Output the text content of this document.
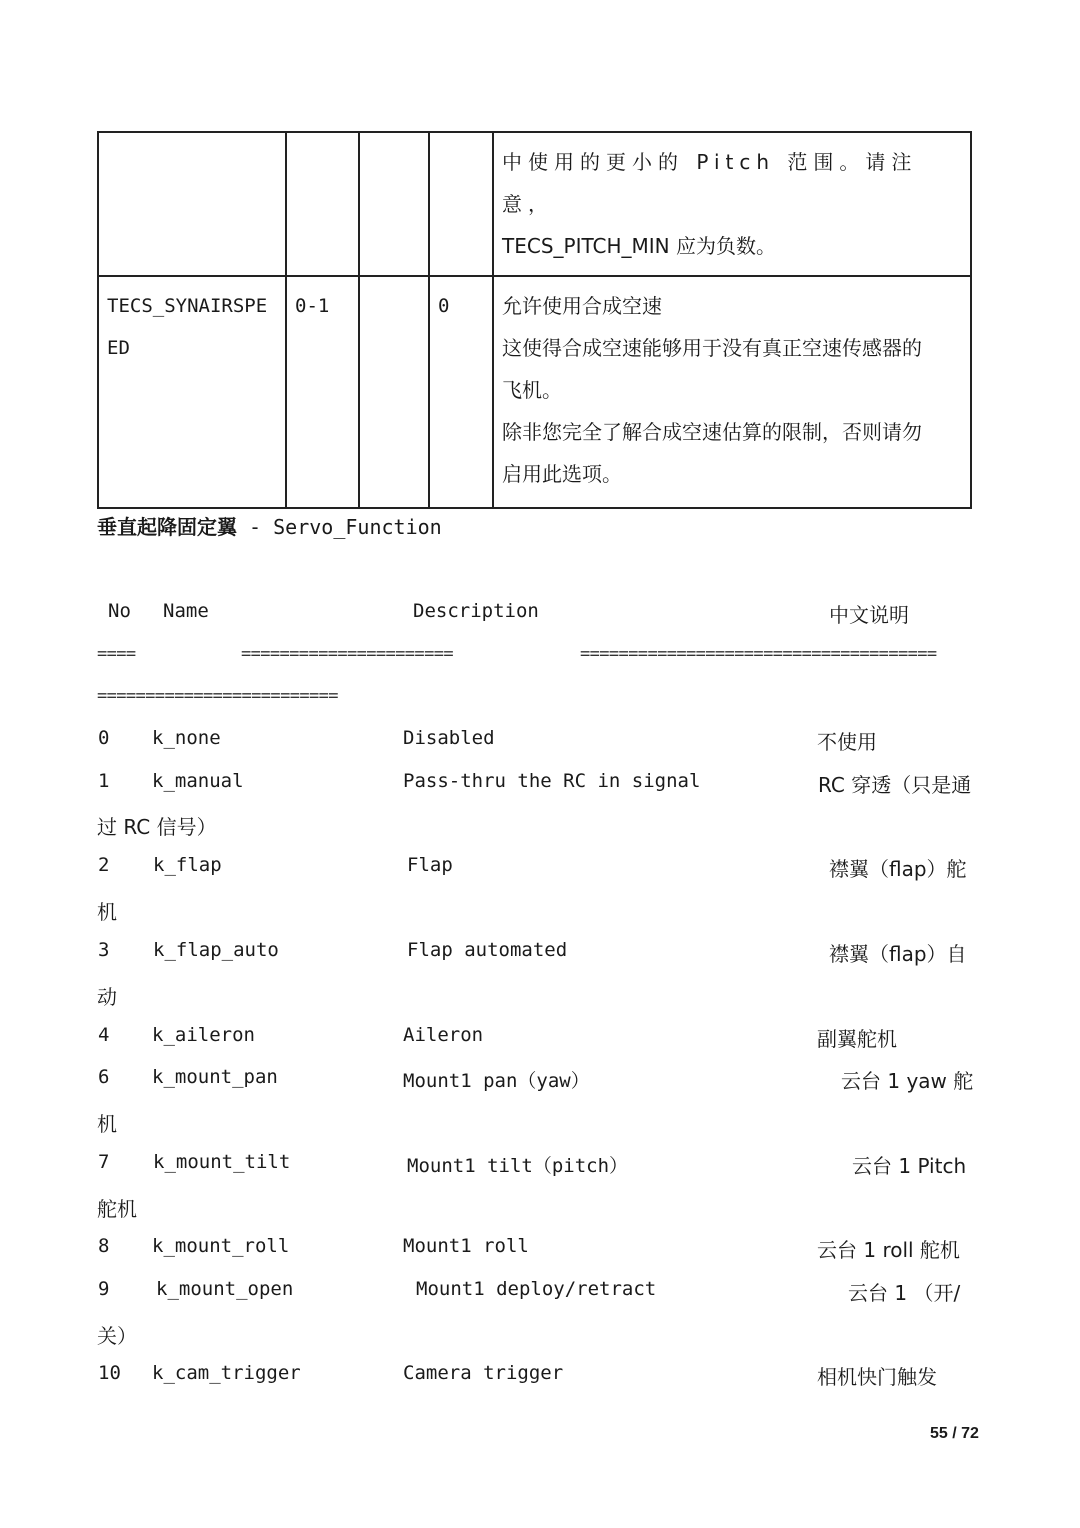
				中使用的更小的 Pitch 范围。请注意，
TECS_PITCH_MIN 应为负数。

TECS_SYNAIRSPEED	0-1		0	允许使用合成空速
这使得合成空速能够用于没有真正空速传感器的
飞机。
除非您完全了解合成空速估算的限制，否则请勿
启用此选项。
垂直起降固定翼 - Servo_Function
No Name	Description	中文说明
====	======================	=====================================
=========================
0 k_none	Disabled	不使用
1 k_manual	Pass-thru the RC in signal	RC 穿透（只是通
过 RC 信号）
2 k_flap	Flap	襟翼（flap）舵
机
3 k_flap_auto	Flap automated	襟翼（flap）自
动
4 k_aileron	Aileron	副翼舵机
6 k_mount_pan	Mount1 pan（yaw）	云台 1 yaw 舵
机
7 k_mount_tilt	Mount1 tilt（pitch）	云台 1 Pitch
舵机
8 k_mount_roll	Mount1 roll	云台 1 roll 舵机
9 k_mount_open	Mount1 deploy/retract	云台 1 （开/
关）
10 k_cam_trigger	Camera trigger	相机快门触发
55 / 72
